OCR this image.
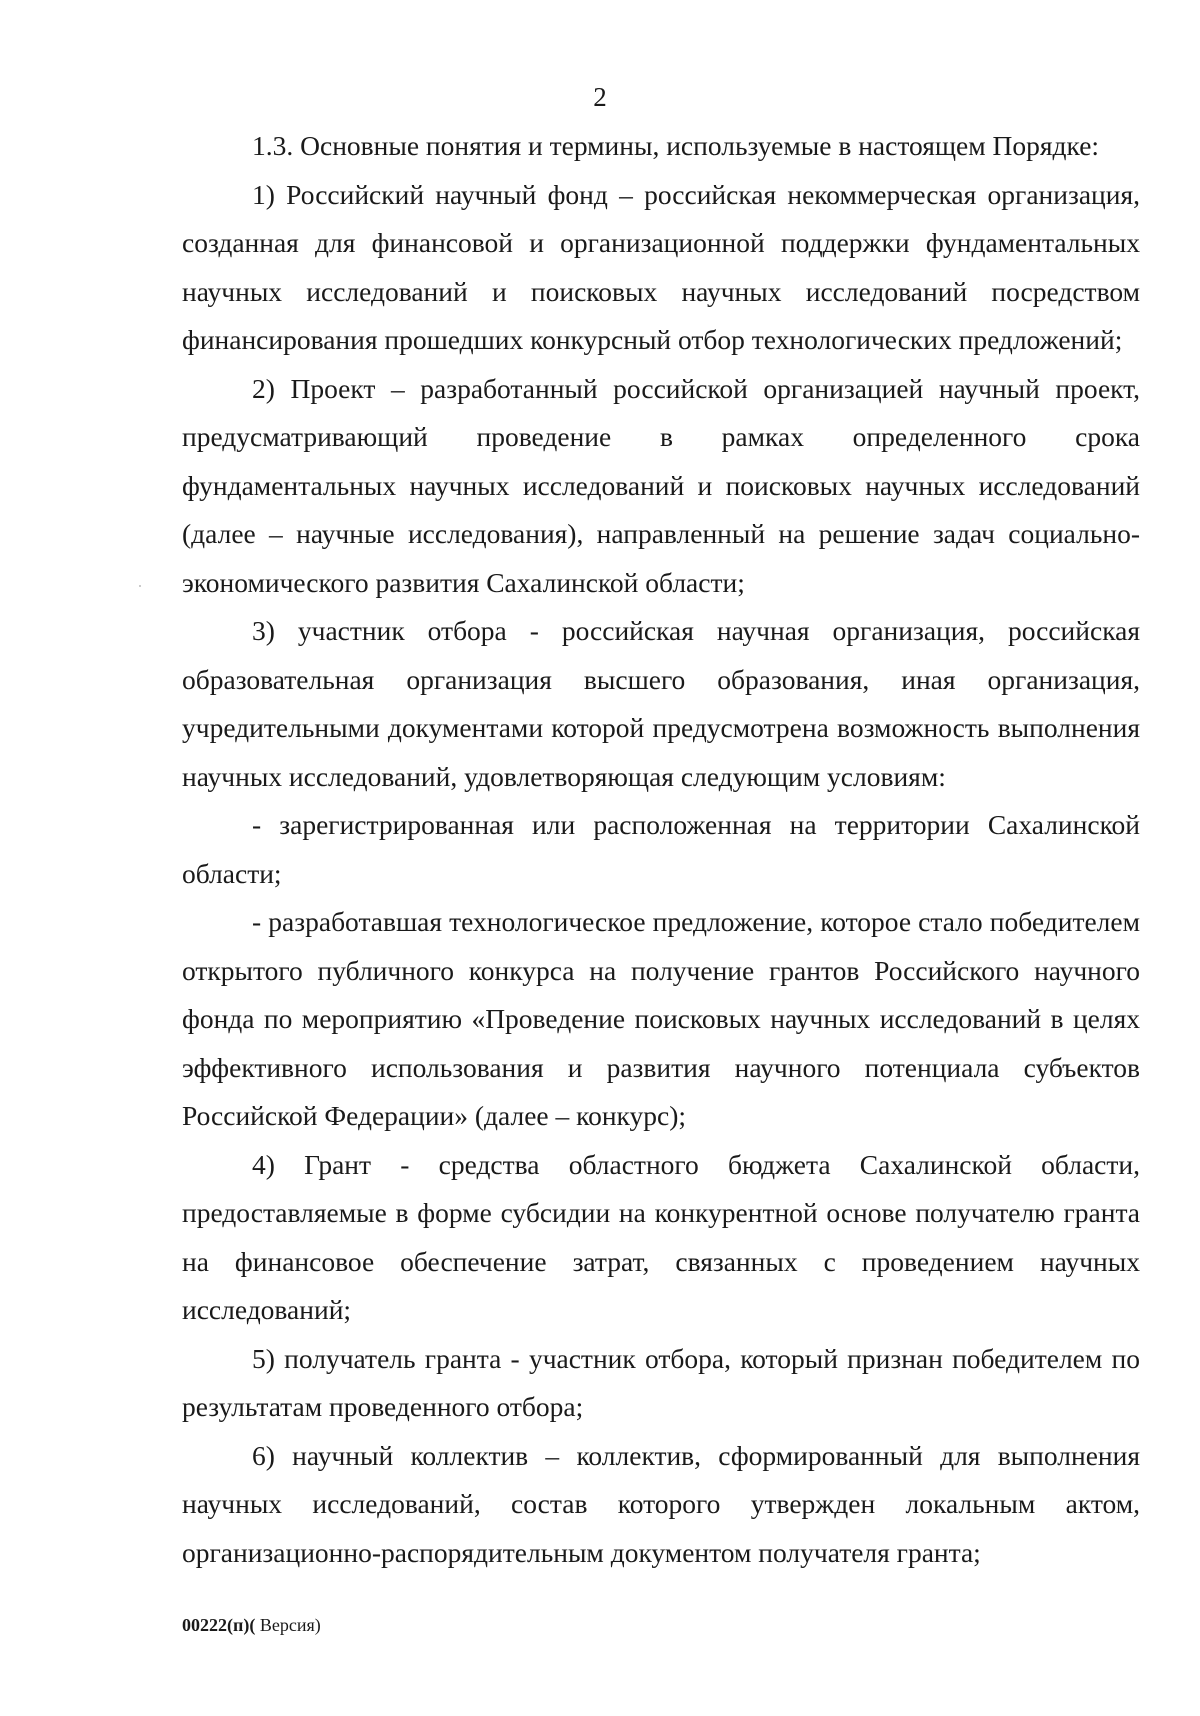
2

1.3. Основные понятия и термины, используемые в настоящем Порядке:

1) Российский научный фонд – российская некоммерческая организация, созданная для финансовой и организационной поддержки фундаментальных научных исследований и поисковых научных исследований посредством финансирования прошедших конкурсный отбор технологических предложений;

2) Проект – разработанный российской организацией научный проект, предусматривающий проведение в рамках определенного срока фундаментальных научных исследований и поисковых научных исследований (далее – научные исследования), направленный на решение задач социально-экономического развития Сахалинской области;

3) участник отбора - российская научная организация, российская образовательная организация высшего образования, иная организация, учредительными документами которой предусмотрена возможность выполнения научных исследований, удовлетворяющая следующим условиям:

- зарегистрированная или расположенная на территории Сахалинской области;

- разработавшая технологическое предложение, которое стало победителем открытого публичного конкурса на получение грантов Российского научного фонда по мероприятию «Проведение поисковых научных исследований в целях эффективного использования и развития научного потенциала субъектов Российской Федерации» (далее – конкурс);

4) Грант - средства областного бюджета Сахалинской области, предоставляемые в форме субсидии на конкурентной основе получателю гранта на финансовое обеспечение затрат, связанных с проведением научных исследований;

5) получатель гранта - участник отбора, который признан победителем по результатам проведенного отбора;

6) научный коллектив – коллектив, сформированный для выполнения научных исследований, состав которого утвержден локальным актом, организационно-распорядительным документом получателя гранта;

00222(п)( Версия)
